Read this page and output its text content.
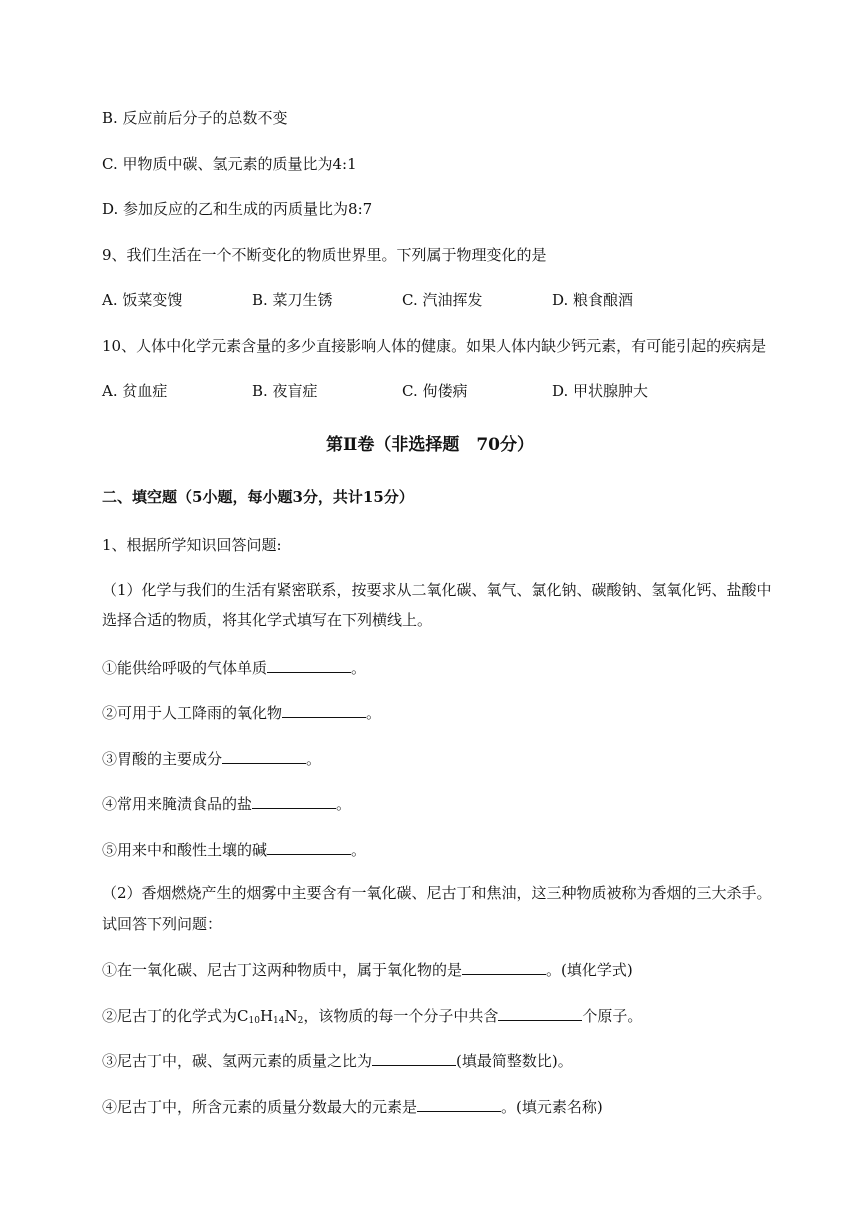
B. 反应前后分子的总数不变
C. 甲物质中碳、氢元素的质量比为4:1
D. 参加反应的乙和生成的丙质量比为8:7
9、我们生活在一个不断变化的物质世界里。下列属于物理变化的是
A. 饭菜变馊	B. 菜刀生锈	C. 汽油挥发	D. 粮食酿酒
10、人体中化学元素含量的多少直接影响人体的健康。如果人体内缺少钙元素，有可能引起的疾病是
A. 贫血症	B. 夜盲症	C. 佝偻病	D. 甲状腺肿大
第Ⅱ卷（非选择题　70分）
二、填空题（5小题，每小题3分，共计15分）
1、根据所学知识回答问题:
（1）化学与我们的生活有紧密联系，按要求从二氧化碳、氧气、氯化钠、碳酸钠、氢氧化钙、盐酸中
选择合适的物质，将其化学式填写在下列横线上。
①能供给呼吸的气体单质	。
②可用于人工降雨的氧化物	。
③胃酸的主要成分	。
④常用来腌渍食品的盐	。
⑤用来中和酸性土壤的碱	。
（2）香烟燃烧产生的烟雾中主要含有一氧化碳、尼古丁和焦油，这三种物质被称为香烟的三大杀手。
试回答下列问题：
①在一氧化碳、尼古丁这两种物质中，属于氧化物的是	。(填化学式)
②尼古丁的化学式为$C_{10}H_{14}N_2$，该物质的每一个分子中共含	个原子。
③尼古丁中，碳、氢两元素的质量之比为	(填最简整数比)。
④尼古丁中，所含元素的质量分数最大的元素是	。(填元素名称)
